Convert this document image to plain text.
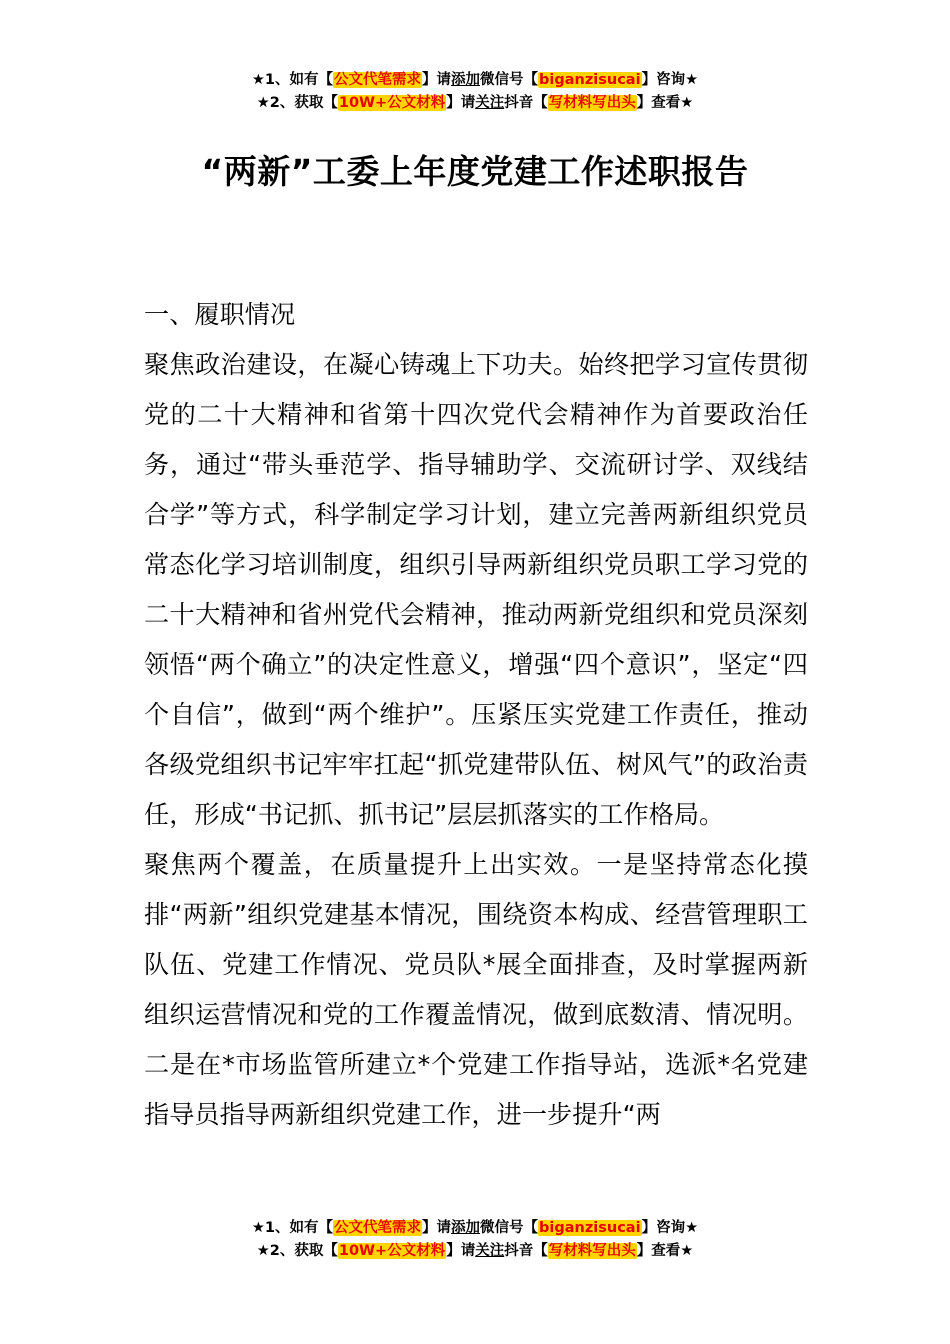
★1、如有【公文代笔需求】请添加微信号【biganzisucai】咨询★
★2、获取【10W+公文材料】请关注抖音【写材料写出头】查看★
“两新”工委上年度党建工作述职报告

一、履职情况

聚焦政治建设，在凝心铸魂上下功夫。始终把学习宣传贯彻党的二十大精神和省第十四次党代会精神作为首要政治任务，通过“带头垂范学、指导辅助学、交流研讨学、双线结合学”等方式，科学制定学习计划，建立完善两新组织党员常态化学习培训制度，组织引导两新组织党员职工学习党的二十大精神和省州党代会精神，推动两新党组织和党员深刻领悟“两个确立”的决定性意义，增强“四个意识”，坚定“四个自信”，做到“两个维护”。压紧压实党建工作责任，推动各级党组织书记牢牢扛起“抓党建带队伍、树风气”的政治责任，形成“书记抓、抓书记”层层抓落实的工作格局。

聚焦两个覆盖，在质量提升上出实效。一是坚持常态化摸排“两新”组织党建基本情况，围绕资本构成、经营管理职工队伍、党建工作情况、党员队*展全面排查，及时掌握两新组织运营情况和党的工作覆盖情况，做到底数清、情况明。二是在*市场监管所建立*个党建工作指导站，选派*名党建指导员指导两新组织党建工作，进一步提升“两

★1、如有【公文代笔需求】请添加微信号【biganzisucai】咨询★
★2、获取【10W+公文材料】请关注抖音【写材料写出头】查看★
